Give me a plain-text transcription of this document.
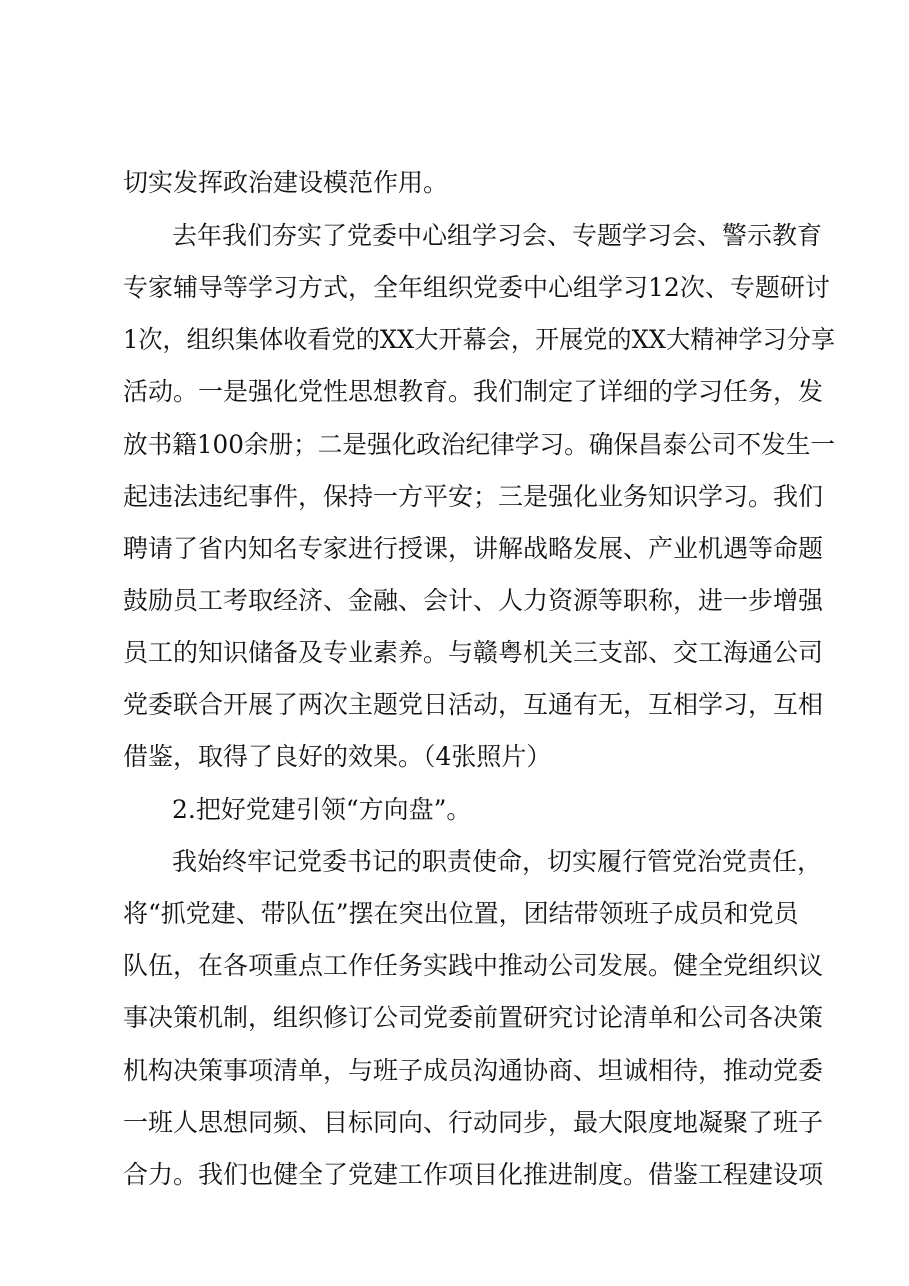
切实发挥政治建设模范作用。
去年我们夯实了党委中心组学习会、专题学习会、警示教育
专家辅导等学习方式，全年组织党委中心组学习12次、专题研讨
1次，组织集体收看党的XX大开幕会，开展党的XX大精神学习分享
活动。一是强化党性思想教育。我们制定了详细的学习任务，发
放书籍100余册；二是强化政治纪律学习。确保昌泰公司不发生一
起违法违纪事件，保持一方平安；三是强化业务知识学习。我们
聘请了省内知名专家进行授课，讲解战略发展、产业机遇等命题
鼓励员工考取经济、金融、会计、人力资源等职称，进一步增强
员工的知识储备及专业素养。与赣粤机关三支部、交工海通公司
党委联合开展了两次主题党日活动，互通有无，互相学习，互相
借鉴，取得了良好的效果。（4张照片）
2.把好党建引领“方向盘”。
我始终牢记党委书记的职责使命，切实履行管党治党责任，
将“抓党建、带队伍”摆在突出位置，团结带领班子成员和党员
队伍，在各项重点工作任务实践中推动公司发展。健全党组织议
事决策机制，组织修订公司党委前置研究讨论清单和公司各决策
机构决策事项清单，与班子成员沟通协商、坦诚相待，推动党委
一班人思想同频、目标同向、行动同步，最大限度地凝聚了班子
合力。我们也健全了党建工作项目化推进制度。借鉴工程建设项
